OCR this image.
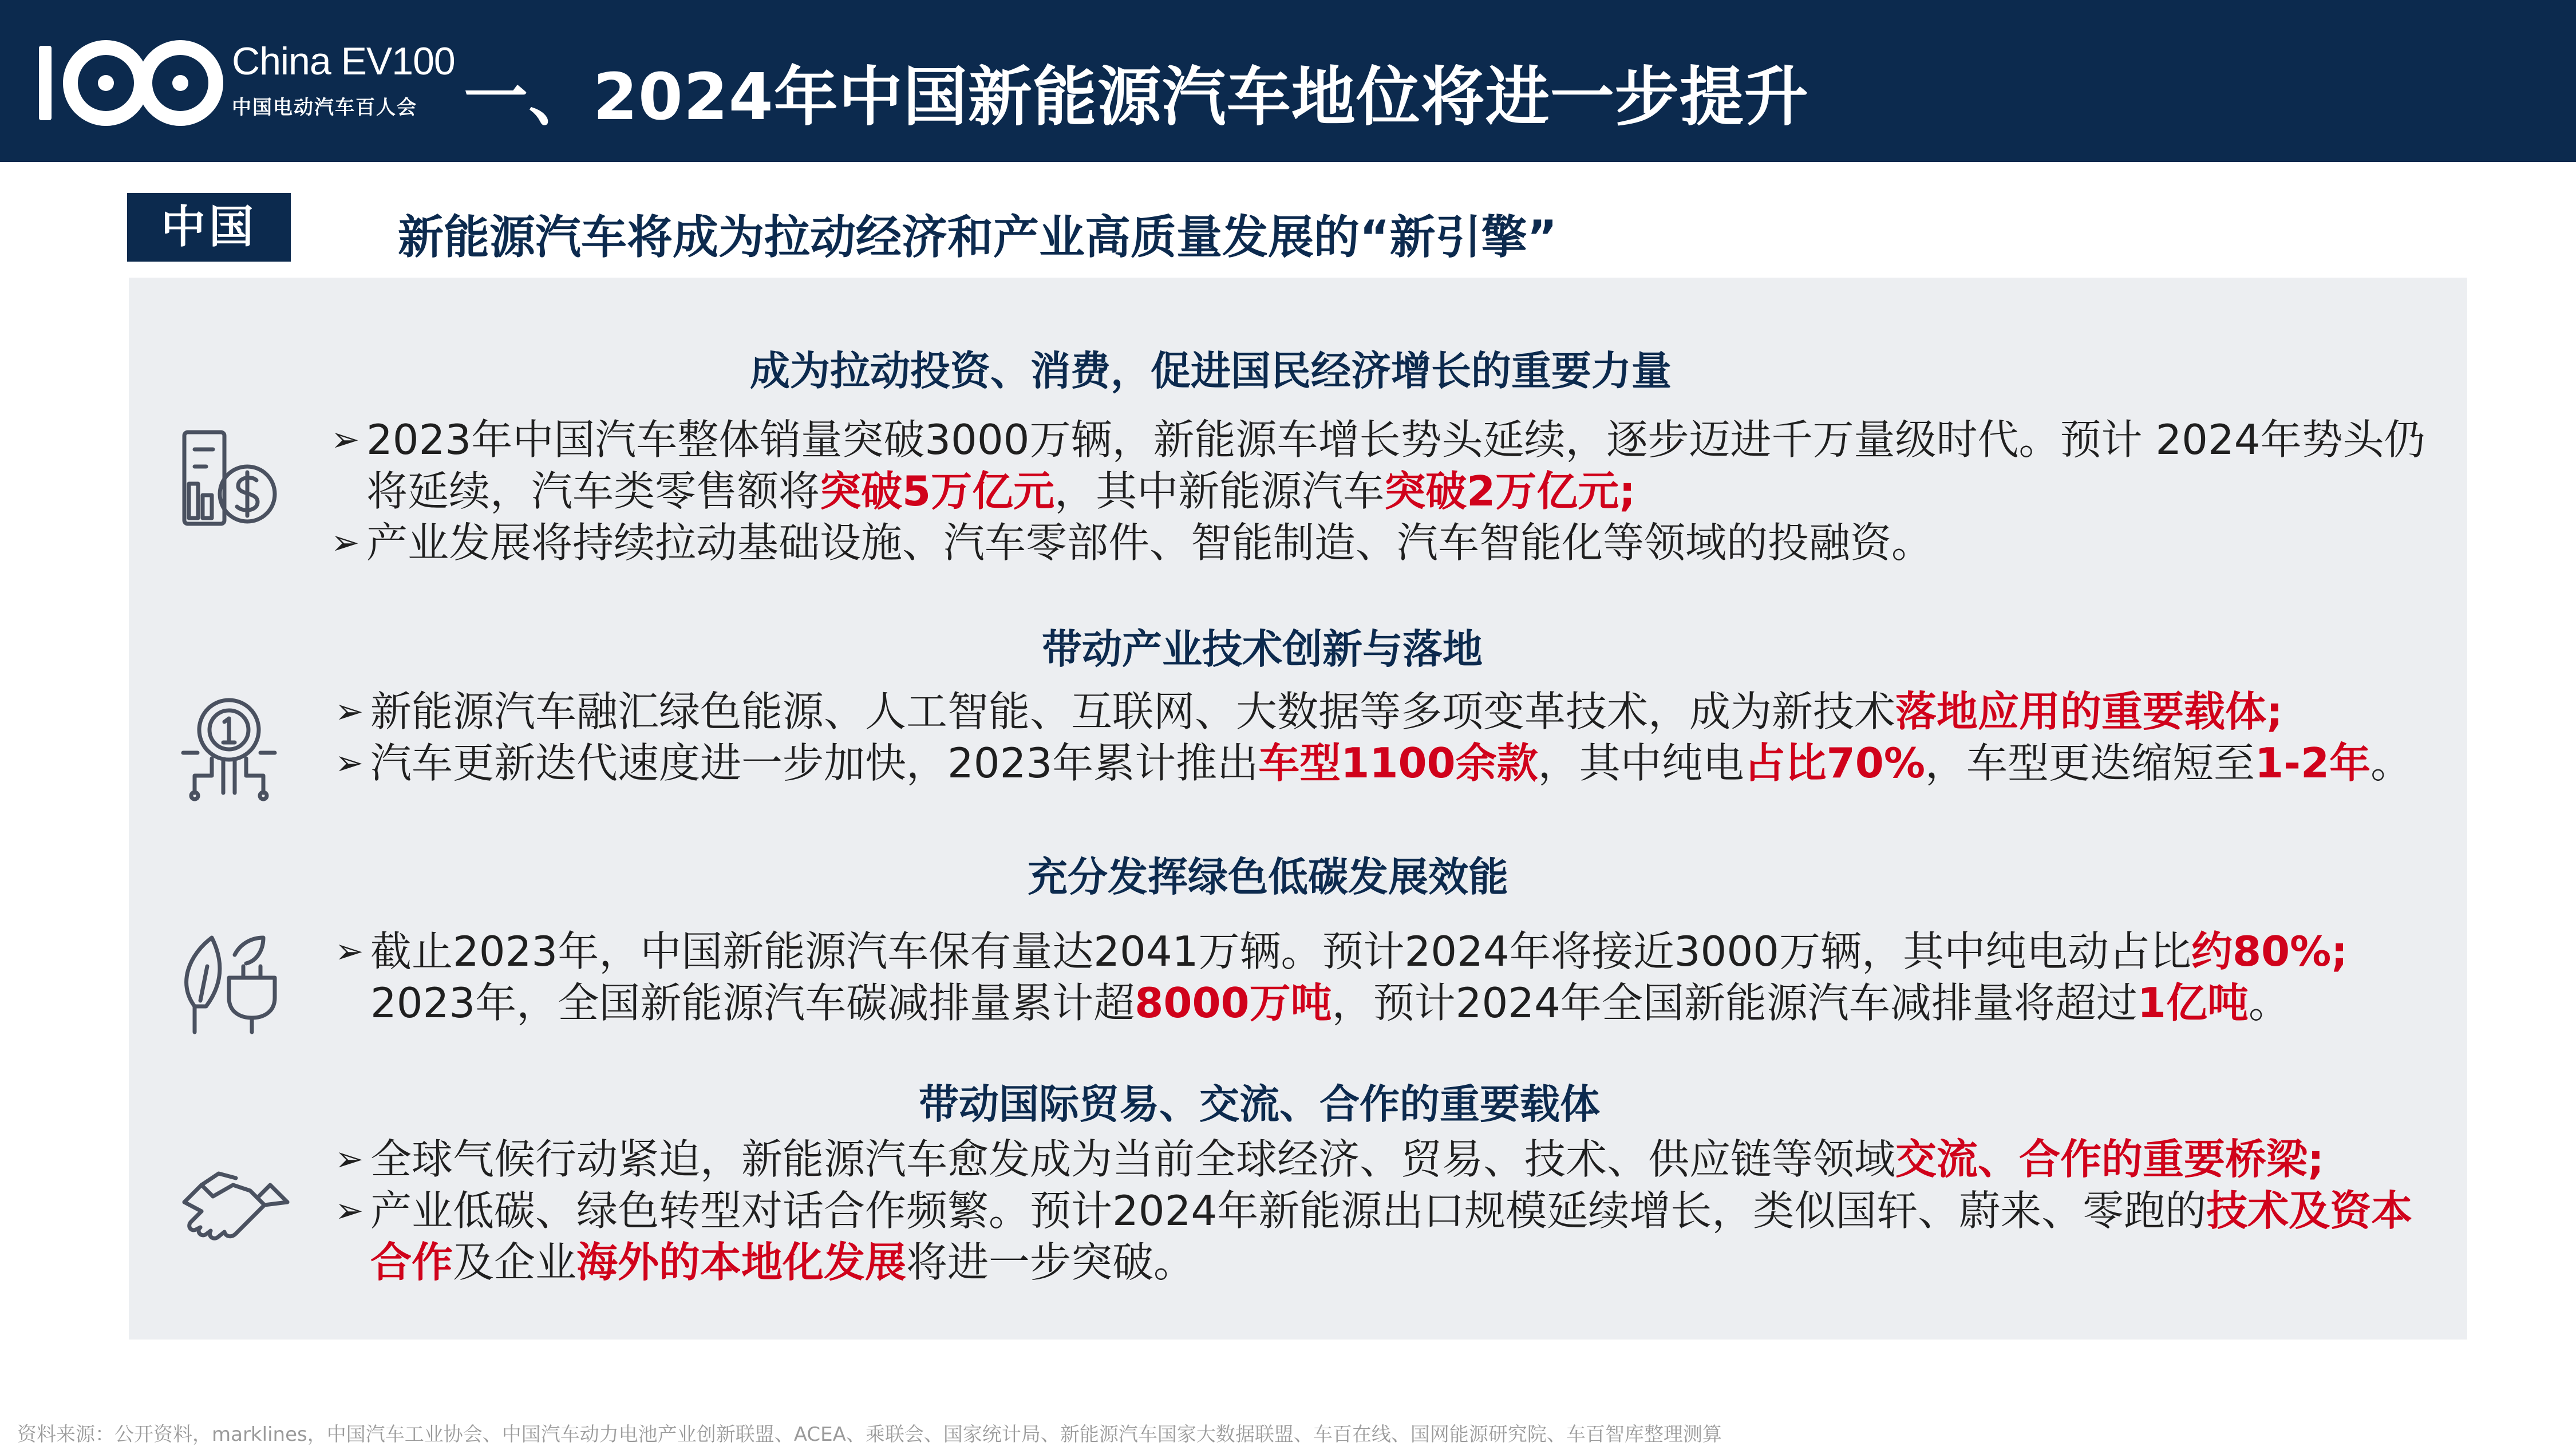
China EV100
中国电动汽车百人会 一、2024年中国新能源汽车地位将进一步提升
中国	新能源汽车将成为拉动经济和产业高质量发展的“新引擎”
成为拉动投资、消费，促进国民经济增长的重要力量
➢ 2023年中国汽车整体销量突破3000万辆，新能源车增长势头延续，逐步迈进千万量级时代。预计 2024年势头仍将延续，汽车类零售额将突破5万亿元，其中新能源汽车突破2万亿元;
➢ 产业发展将持续拉动基础设施、汽车零部件、智能制造、汽车智能化等领域的投融资。
带动产业技术创新与落地
➢ 新能源汽车融汇绿色能源、人工智能、互联网、大数据等多项变革技术，成为新技术落地应用的重要载体;
➢ 汽车更新迭代速度进一步加快，2023年累计推出车型1100余款，其中纯电占比70%，车型更迭缩短至1-2年。
充分发挥绿色低碳发展效能
➢ 截止2023年，中国新能源汽车保有量达2041万辆。预计2024年将接近3000万辆，其中纯电动占比约80%; 2023年，全国新能源汽车碳减排量累计超8000万吨，预计2024年全国新能源汽车减排量将超过1亿吨。
带动国际贸易、交流、合作的重要载体
➢ 全球气候行动紧迫，新能源汽车愈发成为当前全球经济、贸易、技术、供应链等领域交流、合作的重要桥梁;
➢ 产业低碳、绿色转型对话合作频繁。预计2024年新能源出口规模延续增长，类似国轩、蔚来、零跑的技术及资本合作及企业海外的本地化发展将进一步突破。
资料来源：公开资料，marklines，中国汽车工业协会、中国汽车动力电池产业创新联盟、ACEA、乘联会、国家统计局、新能源汽车国家大数据联盟、车百在线、国网能源研究院、车百智库整理测算
